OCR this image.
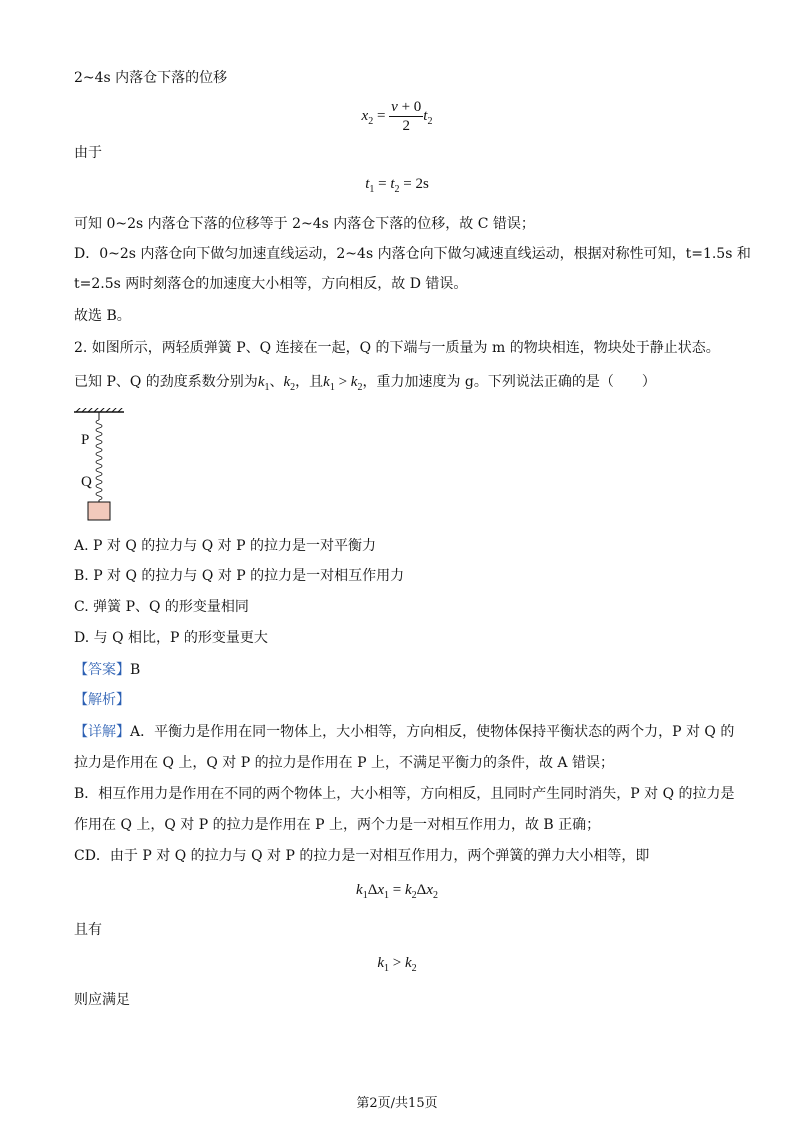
2~4s 内落仓下落的位移
$x_2 = \frac{v + 0}{2} t_2$
由于
$t_1 = t_2 = 2s$
可知 0~2s 内落仓下落的位移等于 2~4s 内落仓下落的位移，故 C 错误；
D．0~2s 内落仓向下做匀加速直线运动，2~4s 内落仓向下做匀减速直线运动，根据对称性可知，t=1.5s 和
t=2.5s 两时刻落仓的加速度大小相等，方向相反，故 D 错误。
故选 B。
2. 如图所示，两轻质弹簧 P、Q 连接在一起，Q 的下端与一质量为 m 的物块相连，物块处于静止状态。
已知 P、Q 的劲度系数分别为$k_1$、$k_2$，且$k_1 > k_2$，重力加速度为 g。下列说法正确的是（　　）
P
Q
A. P 对 Q 的拉力与 Q 对 P 的拉力是一对平衡力
B. P 对 Q 的拉力与 Q 对 P 的拉力是一对相互作用力
C. 弹簧 P、Q 的形变量相同
D. 与 Q 相比，P 的形变量更大
【答案】B
【解析】
【详解】A．平衡力是作用在同一物体上，大小相等，方向相反，使物体保持平衡状态的两个力，P 对 Q 的
拉力是作用在 Q 上，Q 对 P 的拉力是作用在 P 上，不满足平衡力的条件，故 A 错误；
B．相互作用力是作用在不同的两个物体上，大小相等，方向相反，且同时产生同时消失，P 对 Q 的拉力是
作用在 Q 上，Q 对 P 的拉力是作用在 P 上，两个力是一对相互作用力，故 B 正确；
CD．由于 P 对 Q 的拉力与 Q 对 P 的拉力是一对相互作用力，两个弹簧的弹力大小相等，即
$k_1\Delta x_1 = k_2\Delta x_2$
且有
$k_1 > k_2$
则应满足
第2页/共15页
